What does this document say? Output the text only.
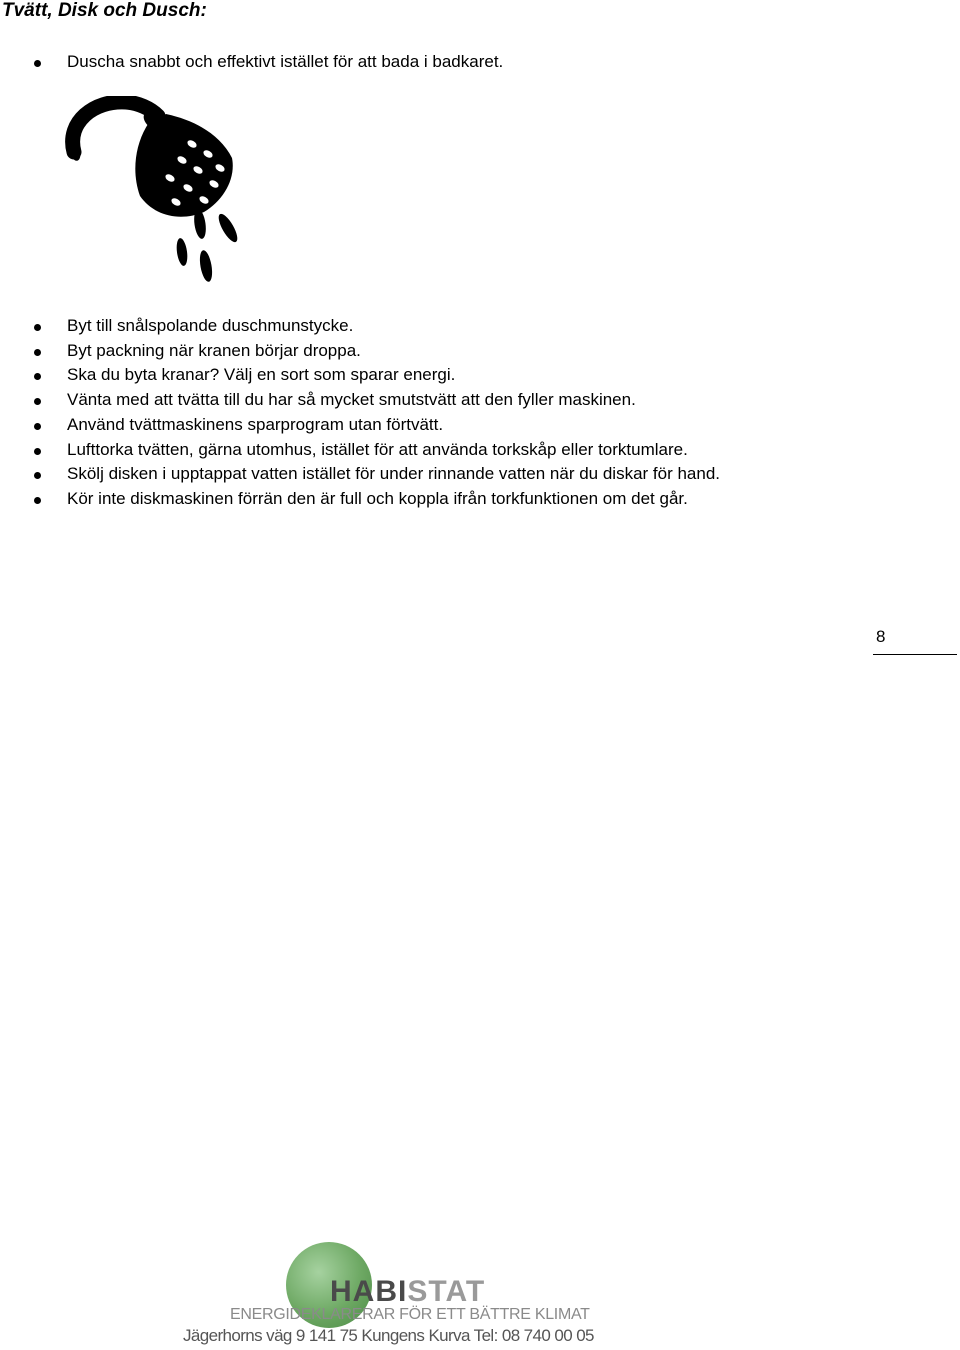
Tvätt, Disk och Dusch:
Duscha snabbt och effektivt istället för att bada i badkaret.
Byt till snålspolande duschmunstycke.
Byt packning när kranen börjar droppa.
Ska du byta kranar? Välj en sort som sparar energi.
Vänta med att tvätta till du har så mycket smutstvätt att den fyller maskinen.
Använd tvättmaskinens sparprogram utan förtvätt.
Lufttorka tvätten, gärna utomhus, istället för att använda torkskåp eller torktumlare.
Skölj disken i upptappat vatten istället för under rinnande vatten när du diskar för hand.
Kör inte diskmaskinen förrän den är full och koppla ifrån torkfunktionen om det går.
8
HABISTAT
ENERGIDEKLARERAR FÖR ETT BÄTTRE KLIMAT
Jägerhorns väg 9 141 75 Kungens Kurva Tel: 08 740 00 05
